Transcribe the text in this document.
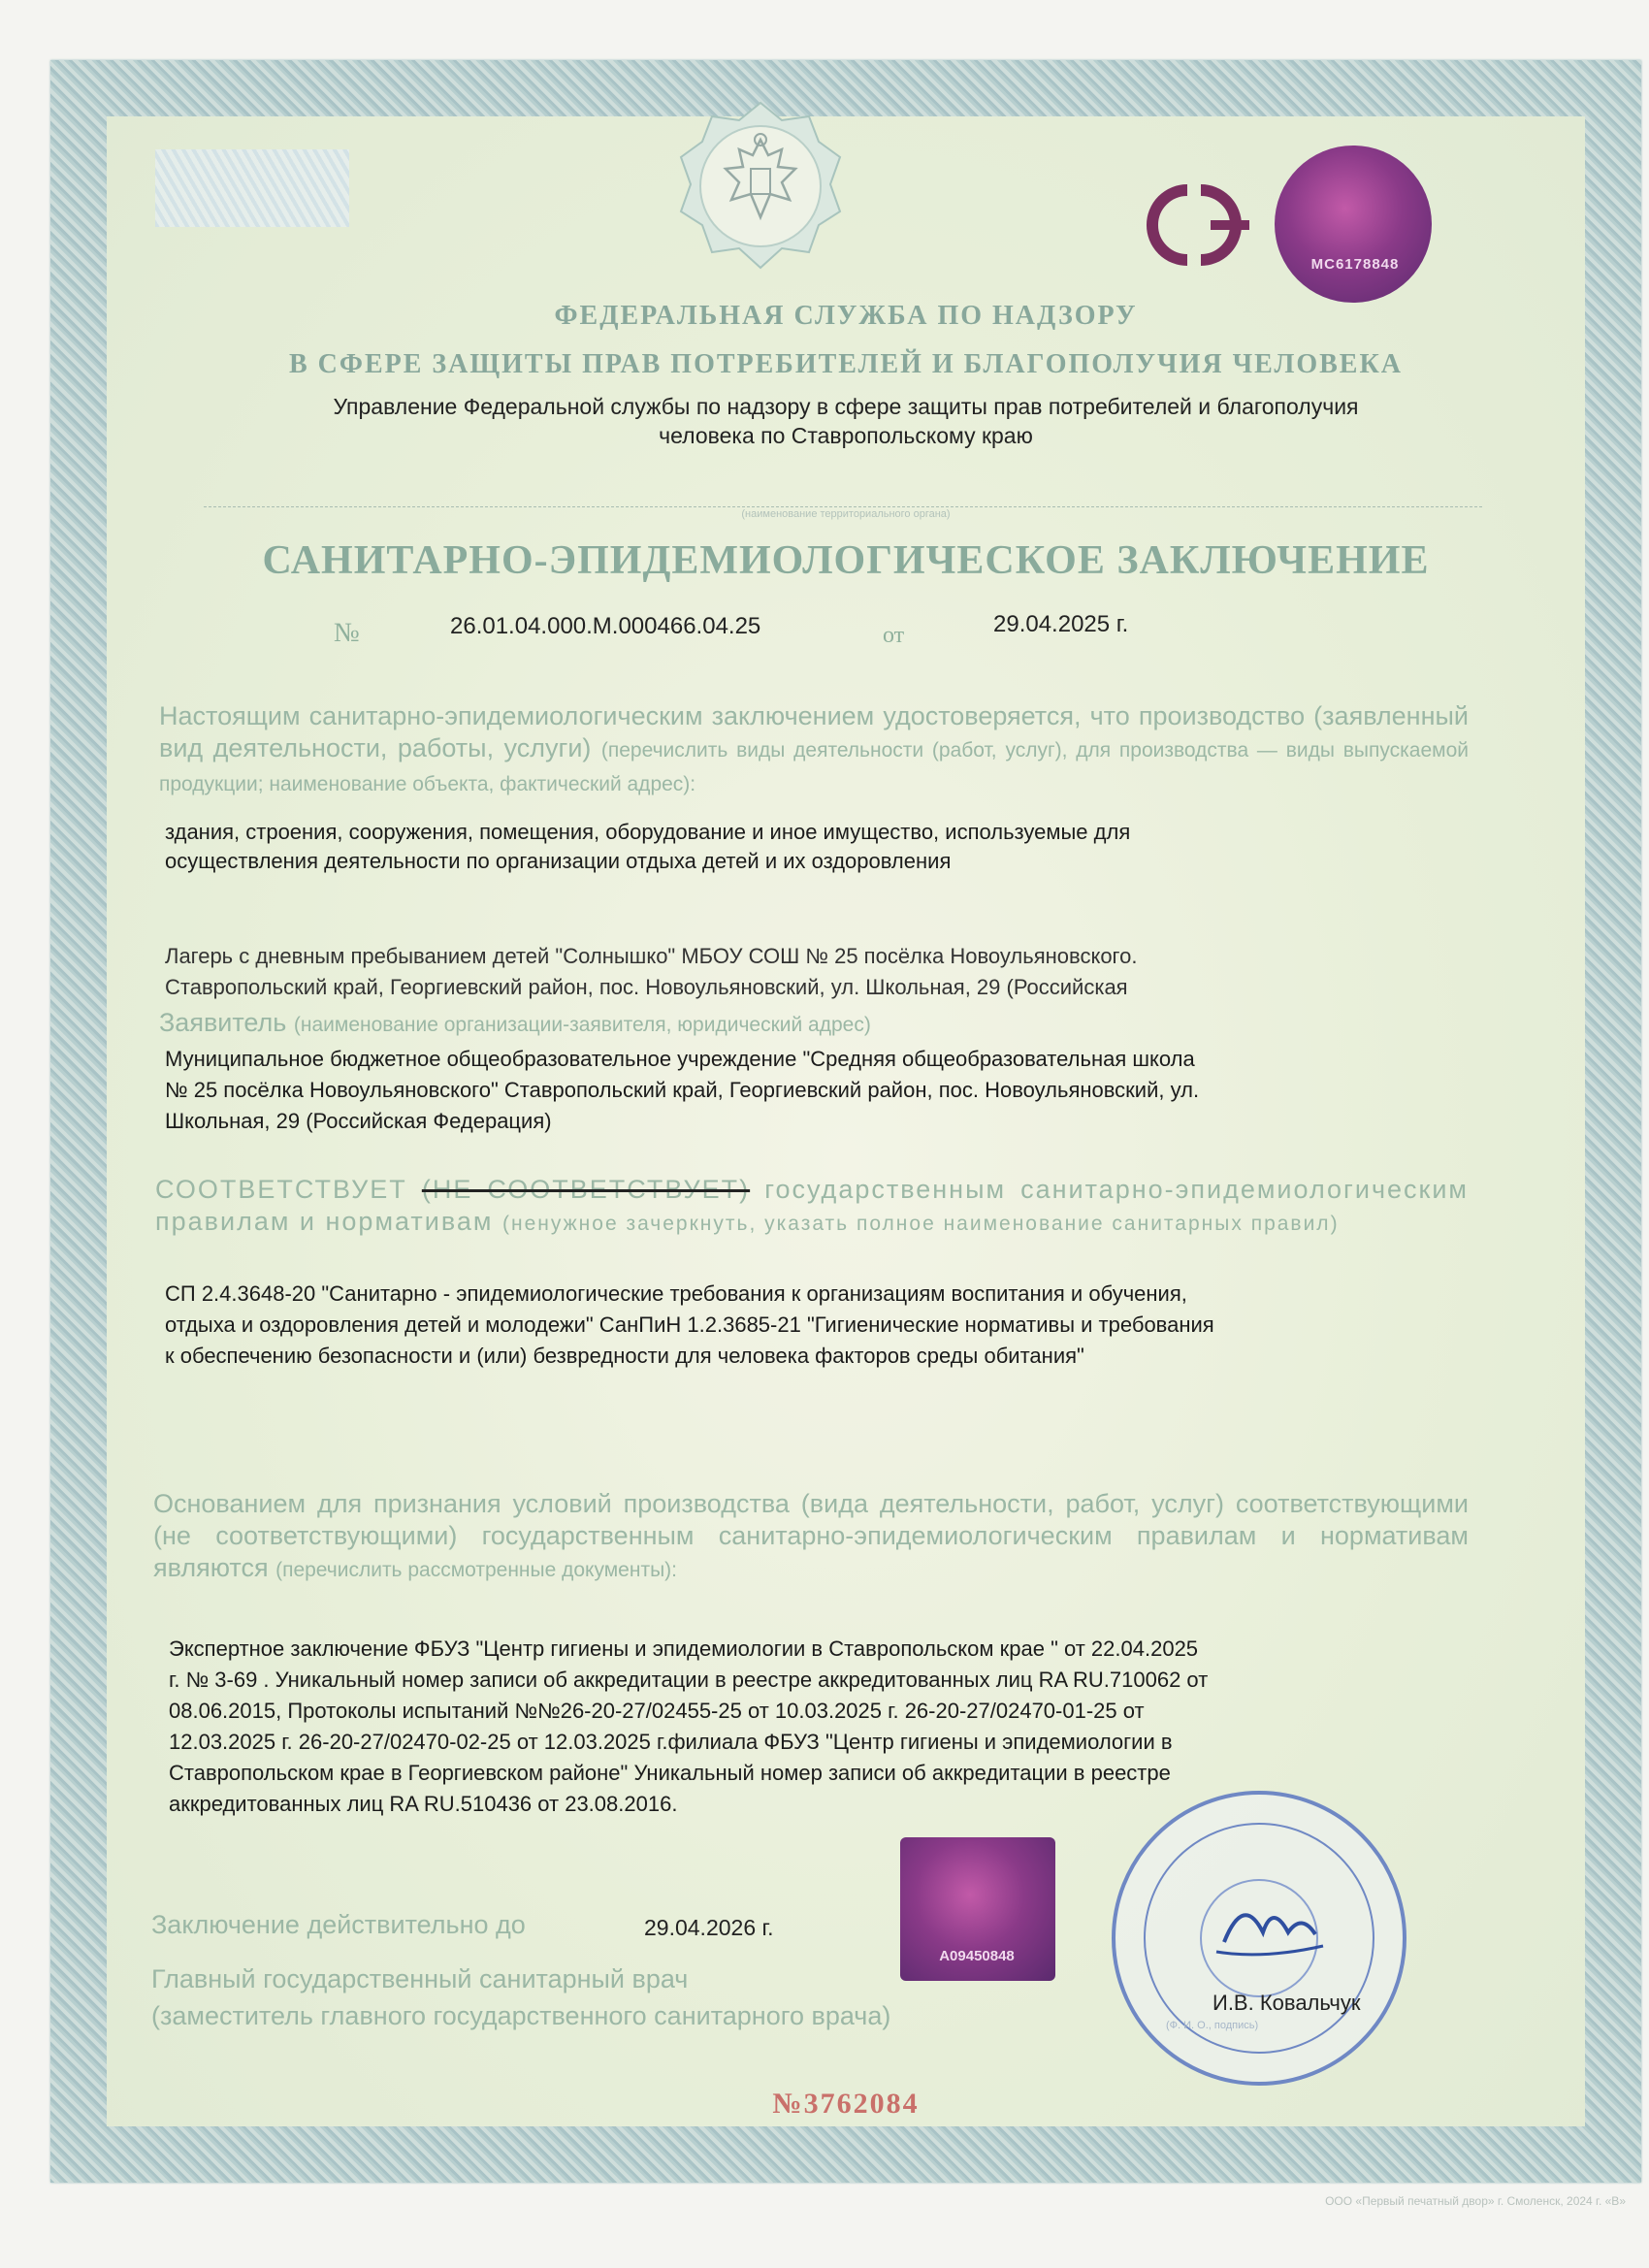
MC6178848
ФЕДЕРАЛЬНАЯ СЛУЖБА ПО НАДЗОРУ
В СФЕРЕ ЗАЩИТЫ ПРАВ ПОТРЕБИТЕЛЕЙ И БЛАГОПОЛУЧИЯ ЧЕЛОВЕКА
Управление Федеральной службы по надзору в сфере защиты прав потребителей и благополучия
человека по Ставропольскому краю
(наименование территориального органа)
САНИТАРНО-ЭПИДЕМИОЛОГИЧЕСКОЕ ЗАКЛЮЧЕНИЕ
№	26.01.04.000.М.000466.04.25	от	29.04.2025 г.
Настоящим санитарно-эпидемиологическим заключением удостоверяется, что производство (заявленный вид деятельности, работы, услуги) (перечислить виды деятельности (работ, услуг), для производства — виды выпускаемой продукции; наименование объекта, фактический адрес):
здания, строения, сооружения, помещения, оборудование и иное имущество, используемые для
осуществления деятельности по организации отдыха детей и их оздоровления
Лагерь с дневным пребыванием детей "Солнышко" МБОУ СОШ № 25 посёлка Новоульяновского.
Ставропольский край, Георгиевский район, пос. Новоульяновский, ул. Школьная, 29 (Российская
Заявитель (наименование организации-заявителя, юридический адрес)
Муниципальное бюджетное общеобразовательное учреждение "Средняя общеобразовательная школа
№ 25 посёлка Новоульяновского" Ставропольский край, Георгиевский район, пос. Новоульяновский, ул.
Школьная, 29 (Российская Федерация)
СООТВЕТСТВУЕТ (НЕ СООТВЕТСТВУЕТ) государственным санитарно-эпидемиологическим правилам и нормативам (ненужное зачеркнуть, указать полное наименование санитарных правил)
СП 2.4.3648-20 "Санитарно - эпидемиологические требования к организациям воспитания и обучения,
отдыха и оздоровления детей и молодежи" СанПиН 1.2.3685-21 "Гигиенические нормативы и требования
к обеспечению безопасности и (или) безвредности для человека факторов среды обитания"
Основанием для признания условий производства (вида деятельности, работ, услуг) соответствующими (не соответствующими) государственным санитарно-эпидемиологическим правилам и нормативам являются (перечислить рассмотренные документы):
Экспертное заключение ФБУЗ "Центр гигиены и эпидемиологии в Ставропольском крае " от 22.04.2025
г. № 3-69 . Уникальный номер записи об аккредитации в реестре аккредитованных лиц RA RU.710062 от
08.06.2015, Протоколы испытаний №№26-20-27/02455-25 от 10.03.2025 г. 26-20-27/02470-01-25 от
12.03.2025 г. 26-20-27/02470-02-25 от 12.03.2025 г.филиала ФБУЗ "Центр гигиены и эпидемиологии в
Ставропольском крае в Георгиевском районе" Уникальный номер записи об аккредитации в реестре
аккредитованных лиц RA RU.510436 от 23.08.2016.
Заключение действительно до	29.04.2026 г.
A09450848
Главный государственный санитарный врач
(заместитель главного государственного санитарного врача)	И.В. Ковальчук
(Ф. И. О., подпись)
№3762084
ООО «Первый печатный двор» г. Смоленск, 2024 г. «В»
